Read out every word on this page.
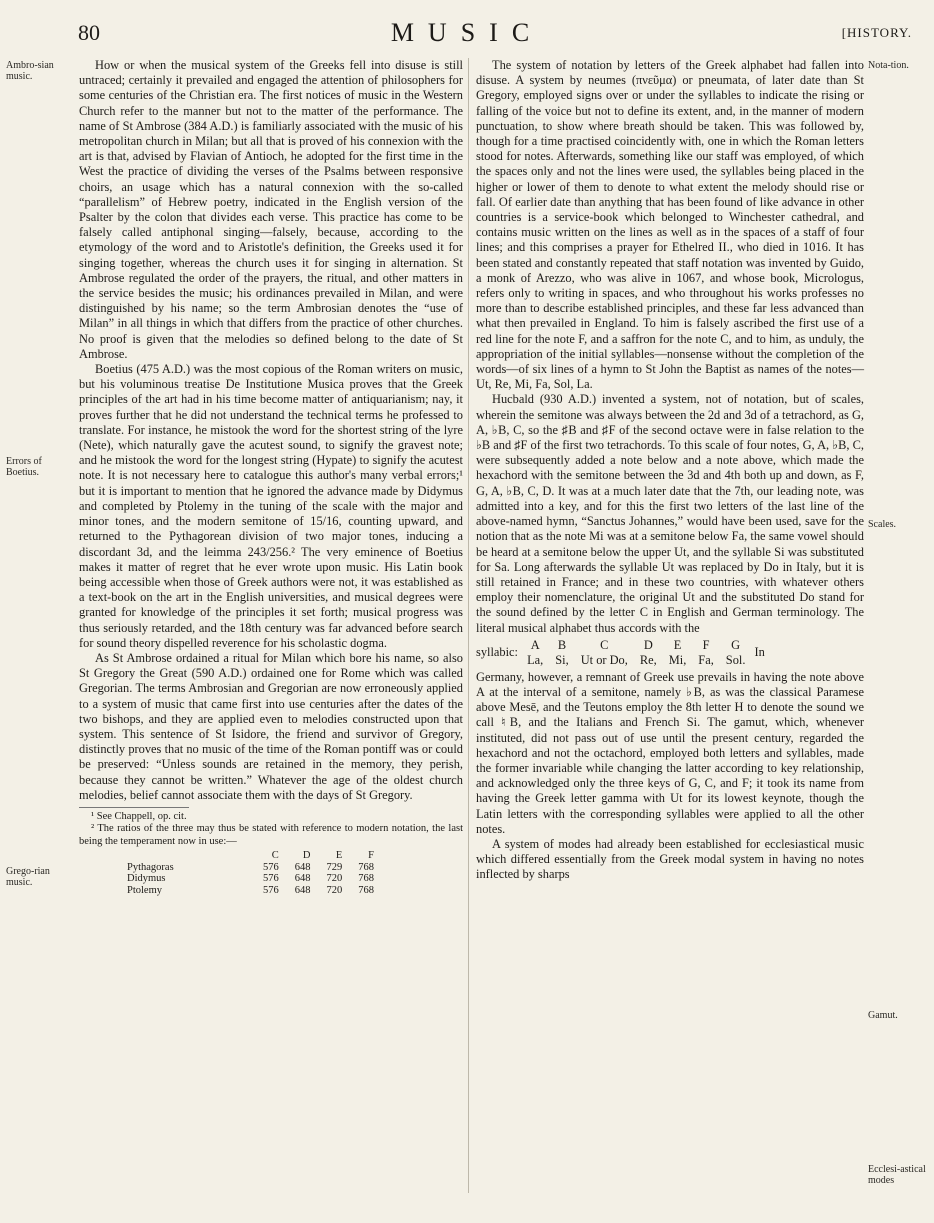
80	MUSIC	[HISTORY.
Ambro-sian music.
Errors of Boetius.
Grego-rian music.
Nota-tion.
Scales.
Gamut.
Ecclesi-astical modes

How or when the musical system of the Greeks fell into disuse is still untraced; certainly it prevailed and engaged the attention of philosophers for some centuries of the Christian era. The first notices of music in the Western Church refer to the manner but not to the matter of the performance. The name of St Ambrose (384 A.D.) is familiarly associated with the music of his metropolitan church in Milan; but all that is proved of his connexion with the art is that, advised by Flavian of Antioch, he adopted for the first time in the West the practice of dividing the verses of the Psalms between responsive choirs, an usage which has a natural connexion with the so-called “parallelism” of Hebrew poetry, indicated in the English version of the Psalter by the colon that divides each verse. This practice has come to be falsely called antiphonal singing—falsely, because, according to the etymology of the word and to Aristotle's definition, the Greeks used it for singing together, whereas the church uses it for singing in alternation. St Ambrose regulated the order of the prayers, the ritual, and other matters in the service besides the music; his ordinances prevailed in Milan, and were distinguished by his name; so the term Ambrosian denotes the “use of Milan” in all things in which that differs from the practice of other churches. No proof is given that the melodies so defined belong to the date of St Ambrose.

Boetius (475 A.D.) was the most copious of the Roman writers on music, but his voluminous treatise De Institutione Musica proves that the Greek principles of the art had in his time become matter of antiquarianism; nay, it proves further that he did not understand the technical terms he professed to translate. For instance, he mistook the word for the shortest string of the lyre (Nete), which naturally gave the acutest sound, to signify the gravest note; and he mistook the word for the longest string (Hypate) to signify the acutest note. It is not necessary here to catalogue this author's many verbal errors;¹ but it is important to mention that he ignored the advance made by Didymus and completed by Ptolemy in the tuning of the scale with the major and minor tones, and the modern semitone of 15/16, counting upward, and returned to the Pythagorean division of two major tones, inducing a discordant 3d, and the leimma 243/256.² The very eminence of Boetius makes it matter of regret that he ever wrote upon music. His Latin book being accessible when those of Greek authors were not, it was established as a text-book on the art in the English universities, and musical degrees were granted for knowledge of the principles it set forth; musical progress was thus seriously retarded, and the 18th century was far advanced before search for sound theory dispelled reverence for his scholastic dogma.

As St Ambrose ordained a ritual for Milan which bore his name, so also St Gregory the Great (590 A.D.) ordained one for Rome which was called Gregorian. The terms Ambrosian and Gregorian are now erroneously applied to a system of music that came first into use centuries after the dates of the two bishops, and they are applied even to melodies constructed upon that system. This sentence of St Isidore, the friend and survivor of Gregory, distinctly proves that no music of the time of the Roman pontiff was or could be preserved: “Unless sounds are retained in the memory, they perish, because they cannot be written.” Whatever the age of the oldest church melodies, belief cannot associate them with the days of St Gregory.

¹ See Chappell, op. cit.

² The ratios of the three may thus be stated with reference to modern notation, the last being the temperament now in use:—

	C	D	E	F
Pythagoras	576	648	729	768
Didymus	576	648	720	768
Ptolemy	576	648	720	768

The system of notation by letters of the Greek alphabet had fallen into disuse. A system by neumes (πνεῦμα) or pneumata, of later date than St Gregory, employed signs over or under the syllables to indicate the rising or falling of the voice but not to define its extent, and, in the manner of modern punctuation, to show where breath should be taken. This was followed by, though for a time practised coincidently with, one in which the Roman letters stood for notes. Afterwards, something like our staff was employed, of which the spaces only and not the lines were used, the syllables being placed in the higher or lower of them to denote to what extent the melody should rise or fall. Of earlier date than anything that has been found of like advance in other countries is a service-book which belonged to Winchester cathedral, and contains music written on the lines as well as in the spaces of a staff of four lines; and this comprises a prayer for Ethelred II., who died in 1016. It has been stated and constantly repeated that staff notation was invented by Guido, a monk of Arezzo, who was alive in 1067, and whose book, Micrologus, refers only to writing in spaces, and who throughout his works professes no more than to describe established principles, and these far less advanced than what then prevailed in England. To him is falsely ascribed the first use of a red line for the note F, and a saffron for the note C, and to him, as unduly, the appropriation of the initial syllables—nonsense without the completion of the words—of six lines of a hymn to St John the Baptist as names of the notes—Ut, Re, Mi, Fa, Sol, La.

Hucbald (930 A.D.) invented a system, not of notation, but of scales, wherein the semitone was always between the 2d and 3d of a tetrachord, as G, A, ♭B, C, so the ♯B and ♯F of the second octave were in false relation to the ♭B and ♯F of the first two tetrachords. To this scale of four notes, G, A, ♭B, C, were subsequently added a note below and a note above, which made the hexachord with the semitone between the 3d and 4th both up and down, as F, G, A, ♭B, C, D. It was at a much later date that the 7th, our leading note, was admitted into a key, and for this the first two letters of the last line of the above-named hymn, “Sanctus Johannes,” would have been used, save for the notion that as the note Mi was at a semitone below Fa, the same vowel should be heard at a semitone below the upper Ut, and the syllable Si was substituted for Sa. Long afterwards the syllable Ut was replaced by Do in Italy, but it is still retained in France; and in these two countries, with whatever others employ their nomenclature, the original Ut and the substituted Do stand for the sound defined by the letter C in English and German terminology. The literal musical alphabet thus accords with the

syllabic: A	B	C	D	E	F	G
La,	Si,	Ut or Do,	Re,	Mi,	Fa,	Sol. In

Germany, however, a remnant of Greek use prevails in having the note above A at the interval of a semitone, namely ♭B, as was the classical Paramese above Mesē, and the Teutons employ the 8th letter H to denote the sound we call ♮B, and the Italians and French Si. The gamut, which, whenever instituted, did not pass out of use until the present century, regarded the hexachord and not the octachord, employed both letters and syllables, made the former invariable while changing the latter according to key relationship, and acknowledged only the three keys of G, C, and F; it took its name from having the Greek letter gamma with Ut for its lowest keynote, though the Latin letters with the corresponding syllables were applied to all the other notes.

A system of modes had already been established for ecclesiastical music which differed essentially from the Greek modal system in having no notes inflected by sharps
